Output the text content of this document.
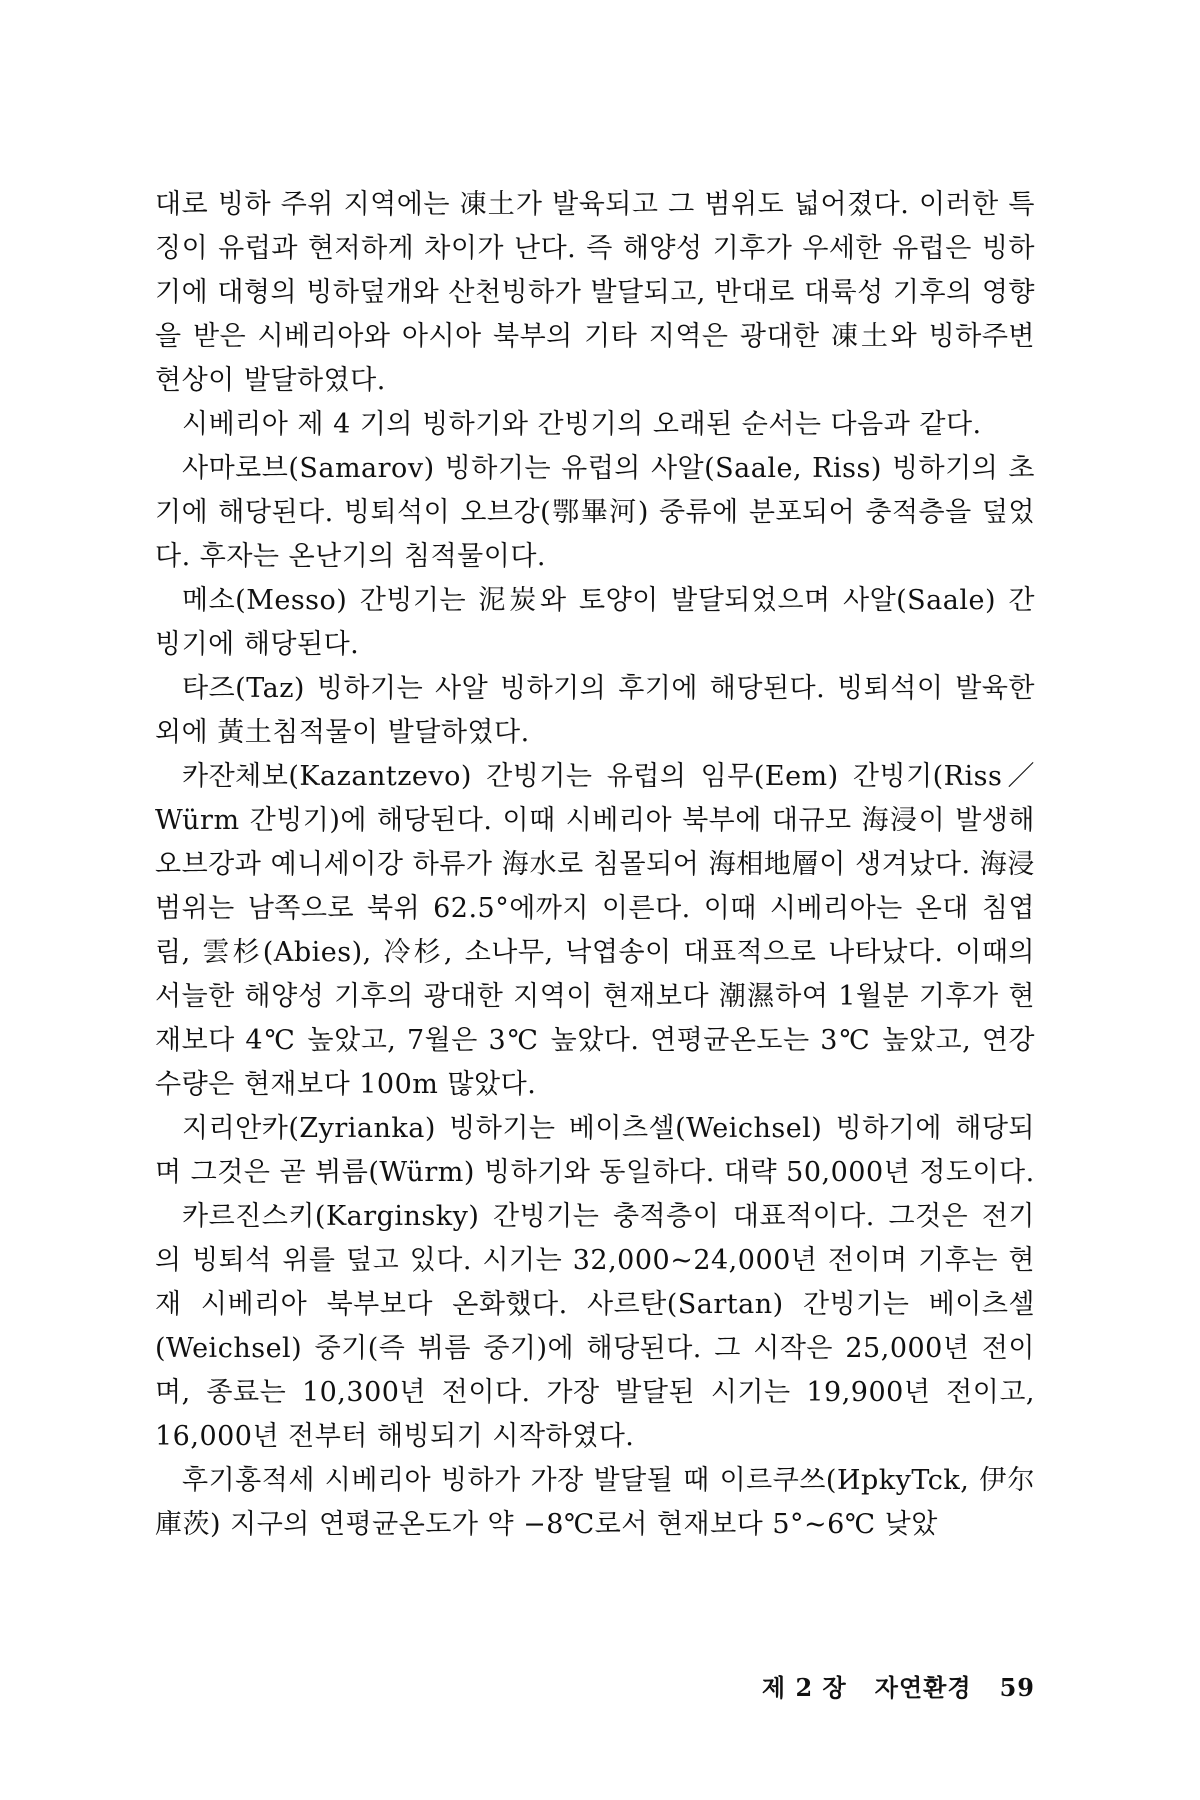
대로 빙하 주위 지역에는 凍土가 발육되고 그 범위도 넓어졌다. 이러한 특징이 유럽과 현저하게 차이가 난다. 즉 해양성 기후가 우세한 유럽은 빙하기에 대형의 빙하덮개와 산천빙하가 발달되고, 반대로 대륙성 기후의 영향을 받은 시베리아와 아시아 북부의 기타 지역은 광대한 凍土와 빙하주변현상이 발달하였다.

시베리아 제 4 기의 빙하기와 간빙기의 오래된 순서는 다음과 같다.

사마로브(Samarov) 빙하기는 유럽의 사알(Saale, Riss) 빙하기의 초기에 해당된다. 빙퇴석이 오브강(鄂畢河) 중류에 분포되어 충적층을 덮었다. 후자는 온난기의 침적물이다.

메소(Messo) 간빙기는 泥炭와 토양이 발달되었으며 사알(Saale) 간빙기에 해당된다.

타즈(Taz) 빙하기는 사알 빙하기의 후기에 해당된다. 빙퇴석이 발육한 외에 黃土침적물이 발달하였다.

카잔체보(Kazantzevo) 간빙기는 유럽의 임무(Eem) 간빙기(Riss／Würm 간빙기)에 해당된다. 이때 시베리아 북부에 대규모 海浸이 발생해 오브강과 예니세이강 하류가 海水로 침몰되어 海相地層이 생겨났다. 海浸범위는 남쪽으로 북위 62.5°에까지 이른다. 이때 시베리아는 온대 침엽림, 雲杉(Abies), 冷杉, 소나무, 낙엽송이 대표적으로 나타났다. 이때의 서늘한 해양성 기후의 광대한 지역이 현재보다 潮濕하여 1월분 기후가 현재보다 4℃ 높았고, 7월은 3℃ 높았다. 연평균온도는 3℃ 높았고, 연강수량은 현재보다 100m 많았다.

지리안카(Zyrianka) 빙하기는 베이츠셀(Weichsel) 빙하기에 해당되며 그것은 곧 뷔름(Würm) 빙하기와 동일하다. 대략 50,000년 정도이다.

카르진스키(Karginsky) 간빙기는 충적층이 대표적이다. 그것은 전기의 빙퇴석 위를 덮고 있다. 시기는 32,000~24,000년 전이며 기후는 현재 시베리아 북부보다 온화했다. 사르탄(Sartan) 간빙기는 베이츠셀(Weichsel) 중기(즉 뷔름 중기)에 해당된다. 그 시작은 25,000년 전이며, 종료는 10,300년 전이다. 가장 발달된 시기는 19,900년 전이고, 16,000년 전부터 해빙되기 시작하였다.

후기홍적세 시베리아 빙하가 가장 발달될 때 이르쿠쓰(ИpkyTck, 伊尔庫茨) 지구의 연평균온도가 약 −8℃로서 현재보다 5°~6℃ 낮았

제 2 장 자연환경 59
